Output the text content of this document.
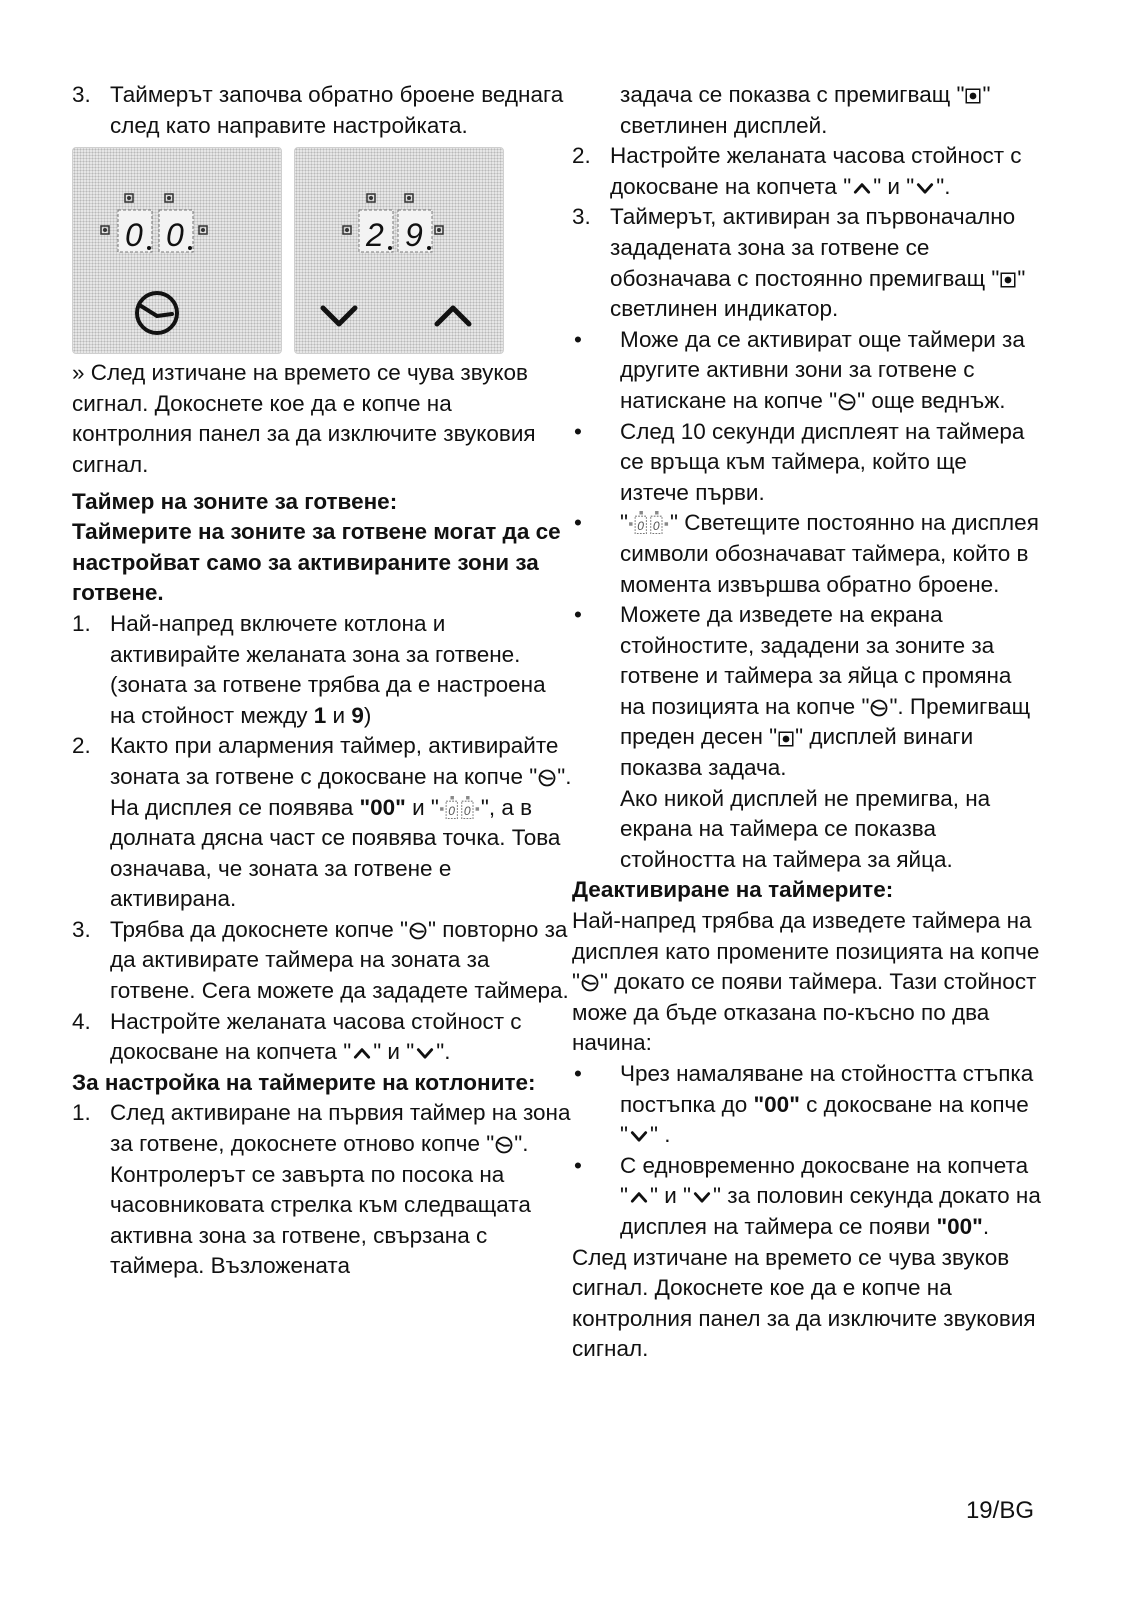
3. Таймерът започва обратно броене веднага след като направите настройката.
0 0	2 9

» След изтичане на времето се чува звуков сигнал. Докоснете кое да е копче на контролния панел за да изключите звуковия сигнал.

Таймер на зоните за готвене:

Таймерите на зоните за готвене могат да се настройват само за активираните зони за готвене.

1. Най-напред включете котлона и активирайте желаната зона за готвене. (зоната за готвене трябва да е настроена на стойност между 1 и 9)
2. Както при алармения таймер, активирайте зоната за готвене с докосване на копче " ". На дисплея се появява "00" и " ", а в долната дясна част се появява точка. Това означава, че зоната за готвене е активирана.
3. Трябва да докоснете копче " " повторно за да активирате таймера на зоната за готвене. Сега можете да зададете таймера.
4. Настройте желаната часова стойност с докосване на копчета " " и " ".

За настройка на таймерите на котлоните:

1. След активиране на първия таймер на зона за готвене, докоснете отново копче " ". Контролерът се завърта по посока на часовниковата стрелка към следващата активна зона за готвене, свързана с таймера. Възложената

задача се показва с премигващ " " светлинен дисплей.

2. Настройте желаната часова стойност с докосване на копчета " " и " ".
3. Таймерът, активиран за първоначално зададената зона за готвене се обозначава с постоянно премигващ " " светлинен индикатор.
•	Може да се активират още таймери за другите активни зони за готвене с натискане на копче " " още веднъж.
•	След 10 секунди дисплеят на таймера се връща към таймера, който ще изтече първи.
•	" " Светещите постоянно на дисплея символи обозначават таймера, който в момента извършва обратно броене.
•	Можете да изведете на екрана стойностите, зададени за зоните за готвене и таймера за яйца с промяна на позицията на копче " ". Премигващ преден десен " " дисплей винаги показва задача.

Ако никой дисплей не премигва, на екрана на таймера се показва стойността на таймера за яйца.

Деактивиране на таймерите:

Най-напред трябва да изведете таймера на дисплея като промените позицията на копче " " докато се появи таймера. Тази стойност може да бъде отказана по-късно по два начина:

•	Чрез намаляване на стойността стъпка постъпка до "00" с докосване на копче " " .
•	С едновременно докосване на копчета " " и " " за половин секунда докато на дисплея на таймера се появи "00".

След изтичане на времето се чува звуков сигнал. Докоснете кое да е копче на контролния панел за да изключите звуковия сигнал.

19/BG
